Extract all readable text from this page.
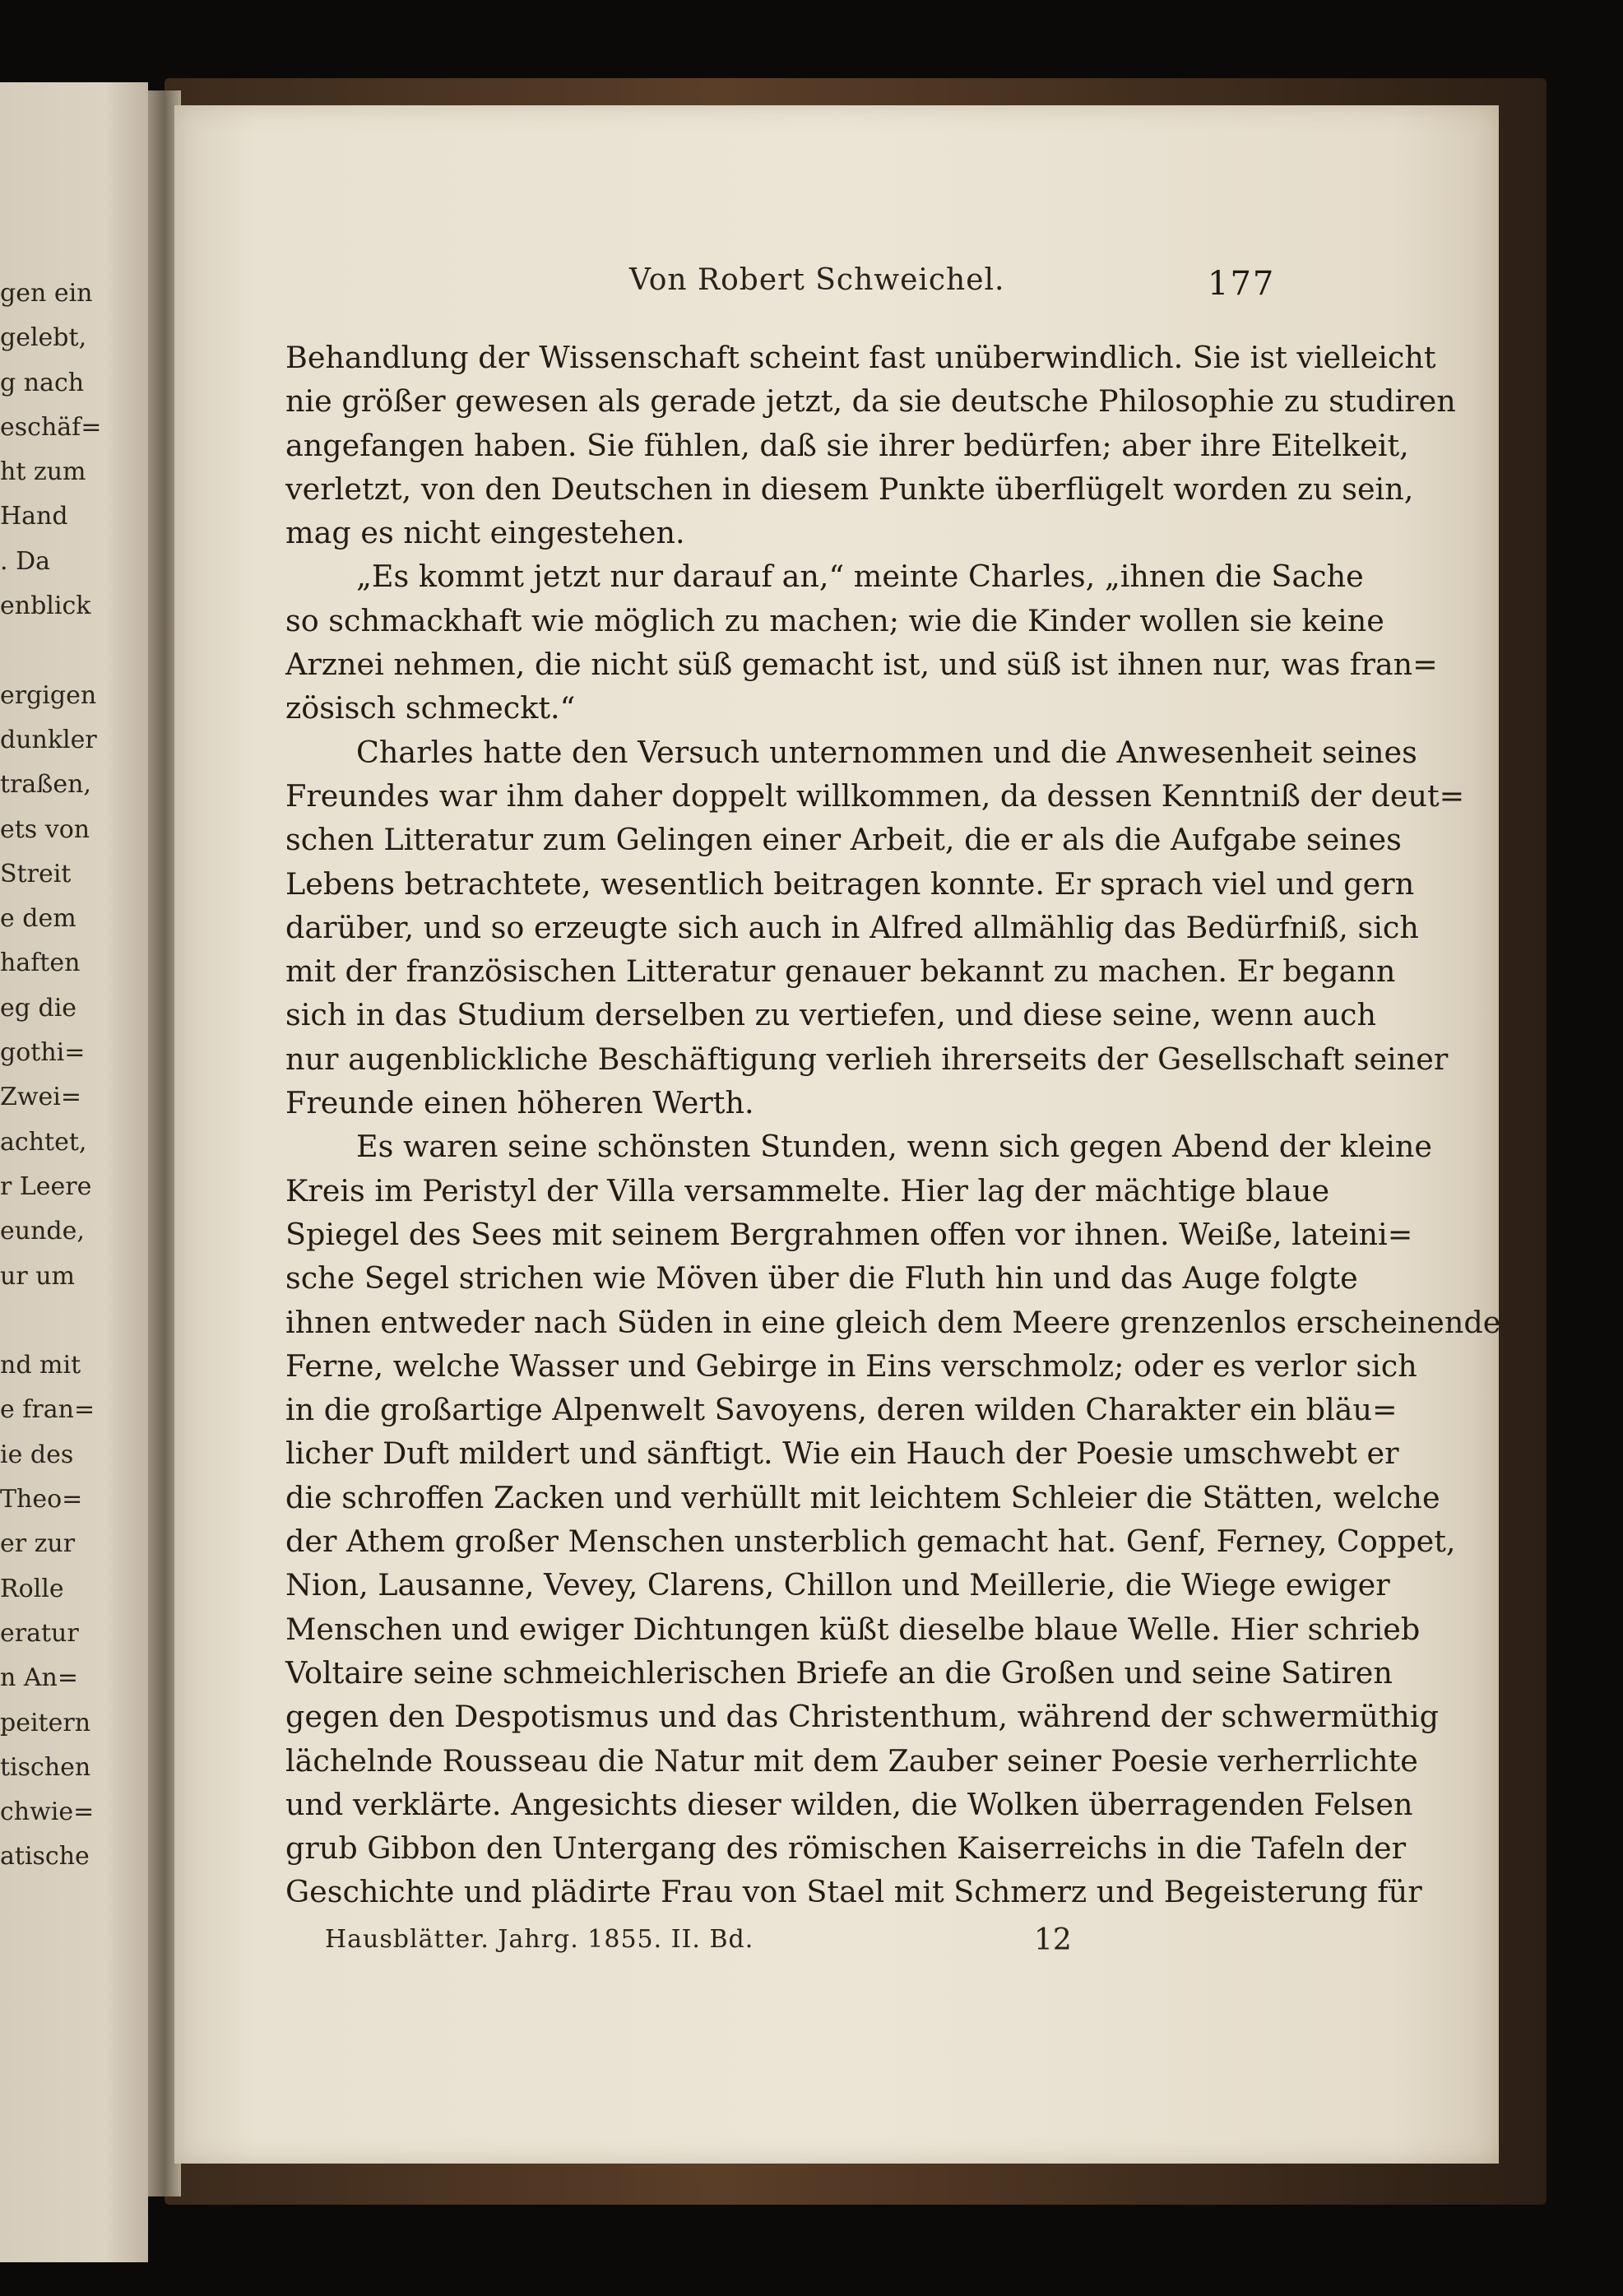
gen ein
gelebt,
g nach
eschäf=
ht zum
Hand
. Da
enblick
ergigen
dunkler
traßen,
ets von
Streit
e dem
haften
eg die
gothi=
Zwei=
achtet,
r Leere
eunde,
ur um
nd mit
e fran=
ie des
Theo=
er zur
Rolle
eratur
n An=
peitern
tischen
chwie=
atische
Von Robert Schweichel.	177
Behandlung der Wissenschaft scheint fast unüberwindlich. Sie ist vielleicht
nie größer gewesen als gerade jetzt, da sie deutsche Philosophie zu studiren
angefangen haben. Sie fühlen, daß sie ihrer bedürfen; aber ihre Eitelkeit,
verletzt, von den Deutschen in diesem Punkte überflügelt worden zu sein,
mag es nicht eingestehen.
„Es kommt jetzt nur darauf an,“ meinte Charles, „ihnen die Sache
so schmackhaft wie möglich zu machen; wie die Kinder wollen sie keine
Arznei nehmen, die nicht süß gemacht ist, und süß ist ihnen nur, was fran=
zösisch schmeckt.“
Charles hatte den Versuch unternommen und die Anwesenheit seines
Freundes war ihm daher doppelt willkommen, da dessen Kenntniß der deut=
schen Litteratur zum Gelingen einer Arbeit, die er als die Aufgabe seines
Lebens betrachtete, wesentlich beitragen konnte. Er sprach viel und gern
darüber, und so erzeugte sich auch in Alfred allmählig das Bedürfniß, sich
mit der französischen Litteratur genauer bekannt zu machen. Er begann
sich in das Studium derselben zu vertiefen, und diese seine, wenn auch
nur augenblickliche Beschäftigung verlieh ihrerseits der Gesellschaft seiner
Freunde einen höheren Werth.
Es waren seine schönsten Stunden, wenn sich gegen Abend der kleine
Kreis im Peristyl der Villa versammelte. Hier lag der mächtige blaue
Spiegel des Sees mit seinem Bergrahmen offen vor ihnen. Weiße, lateini=
sche Segel strichen wie Möven über die Fluth hin und das Auge folgte
ihnen entweder nach Süden in eine gleich dem Meere grenzenlos erscheinende
Ferne, welche Wasser und Gebirge in Eins verschmolz; oder es verlor sich
in die großartige Alpenwelt Savoyens, deren wilden Charakter ein bläu=
licher Duft mildert und sänftigt. Wie ein Hauch der Poesie umschwebt er
die schroffen Zacken und verhüllt mit leichtem Schleier die Stätten, welche
der Athem großer Menschen unsterblich gemacht hat. Genf, Ferney, Coppet,
Nion, Lausanne, Vevey, Clarens, Chillon und Meillerie, die Wiege ewiger
Menschen und ewiger Dichtungen küßt dieselbe blaue Welle. Hier schrieb
Voltaire seine schmeichlerischen Briefe an die Großen und seine Satiren
gegen den Despotismus und das Christenthum, während der schwermüthig
lächelnde Rousseau die Natur mit dem Zauber seiner Poesie verherrlichte
und verklärte. Angesichts dieser wilden, die Wolken überragenden Felsen
grub Gibbon den Untergang des römischen Kaiserreichs in die Tafeln der
Geschichte und plädirte Frau von Stael mit Schmerz und Begeisterung für
Hausblätter. Jahrg. 1855. II. Bd.	12
